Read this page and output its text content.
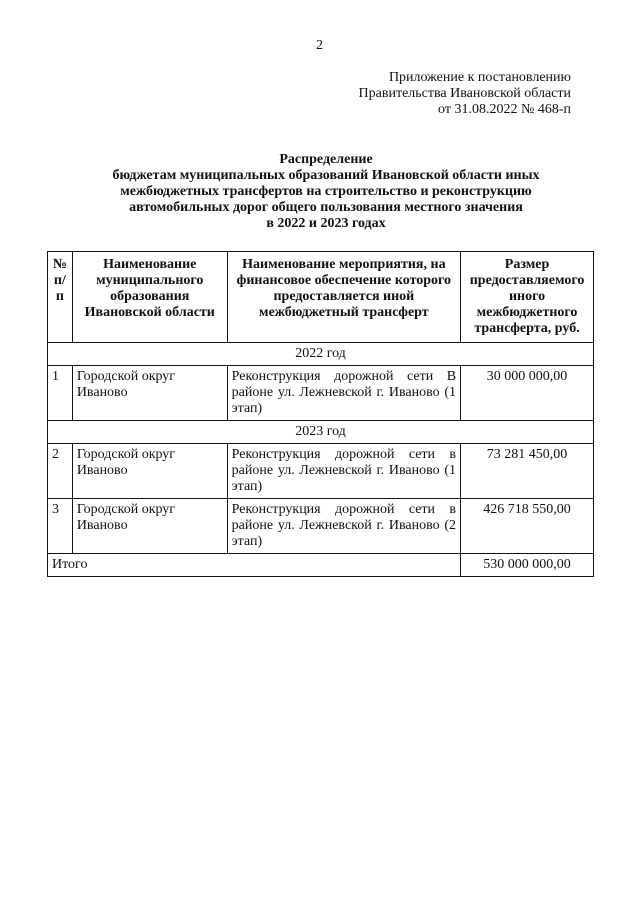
2
Приложение к постановлению
Правительства Ивановской области
от 31.08.2022 № 468-п
Распределение
бюджетам муниципальных образований Ивановской области иных
межбюджетных трансфертов на строительство и реконструкцию
автомобильных дорог общего пользования местного значения
в 2022 и 2023 годах
№ п/п	Наименование муниципального образования Ивановской области	Наименование мероприятия, на финансовое обеспечение которого предоставляется иной межбюджетный трансферт	Размер предоставляемого иного межбюджетного трансферта, руб.
2022 год			
1	Городской округ Иваново	Реконструкция дорожной сети В районе ул. Лежневской г. Иваново (1 этап)	30 000 000,00
2023 год			
2	Городской округ Иваново	Реконструкция дорожной сети в районе ул. Лежневской г. Иваново (1 этап)	73 281 450,00
3	Городской округ Иваново	Реконструкция дорожной сети в районе ул. Лежневской г. Иваново (2 этап)	426 718 550,00
Итого			530 000 000,00
